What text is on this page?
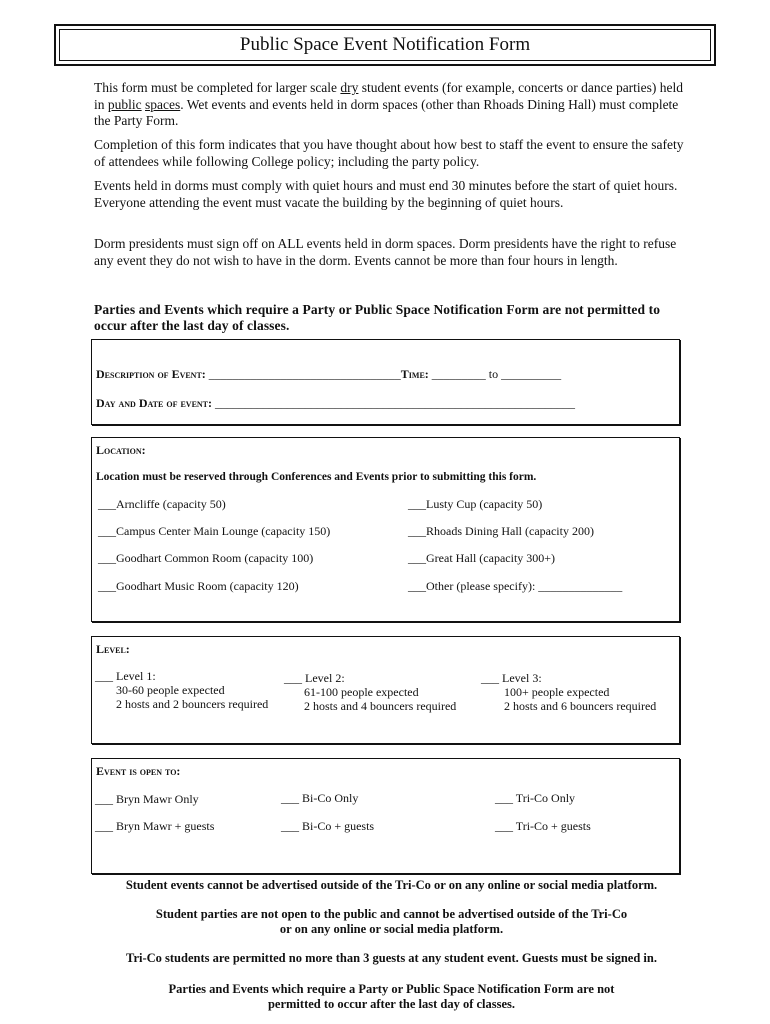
Public Space Event Notification Form

This form must be completed for larger scale dry student events (for example, concerts or dance parties) held in public spaces. Wet events and events held in dorm spaces (other than Rhoads Dining Hall) must complete the Party Form.

Completion of this form indicates that you have thought about how best to staff the event to ensure the safety of attendees while following College policy; including the party policy.

Events held in dorms must comply with quiet hours and must end 30 minutes before the start of quiet hours. Everyone attending the event must vacate the building by the beginning of quiet hours.

Dorm presidents must sign off on ALL events held in dorm spaces. Dorm presidents have the right to refuse any event they do not wish to have in the dorm. Events cannot be more than four hours in length.

Parties and Events which require a Party or Public Space Notification Form are not permitted to occur after the last day of classes.
Description of Event: ________________________________Time: _________ to __________
Day and Date of event: ____________________________________________________________
Location:
Location must be reserved through Conferences and Events prior to submitting this form.
___Arncliffe (capacity 50)
___Campus Center Main Lounge (capacity 150)
___Goodhart Common Room (capacity 100)
___Goodhart Music Room (capacity 120)
___Lusty Cup (capacity 50)
___Rhoads Dining Hall (capacity 200)
___Great Hall (capacity 300+)
___Other (please specify): ______________
Level:
___ Level 1:
30-60 people expected
2 hosts and 2 bouncers required
___ Level 2:
61-100 people expected
2 hosts and 4 bouncers required
___ Level 3:
100+ people expected
2 hosts and 6 bouncers required
Event is open to:
___ Bryn Mawr Only	___ Bi-Co Only	___ Tri-Co Only
___ Bryn Mawr + guests	___ Bi-Co + guests	___ Tri-Co + guests
Student events cannot be advertised outside of the Tri-Co or on any online or social media platform.
Student parties are not open to the public and cannot be advertised outside of the Tri-Co
or on any online or social media platform.
Tri-Co students are permitted no more than 3 guests at any student event. Guests must be signed in.
Parties and Events which require a Party or Public Space Notification Form are not
permitted to occur after the last day of classes.
